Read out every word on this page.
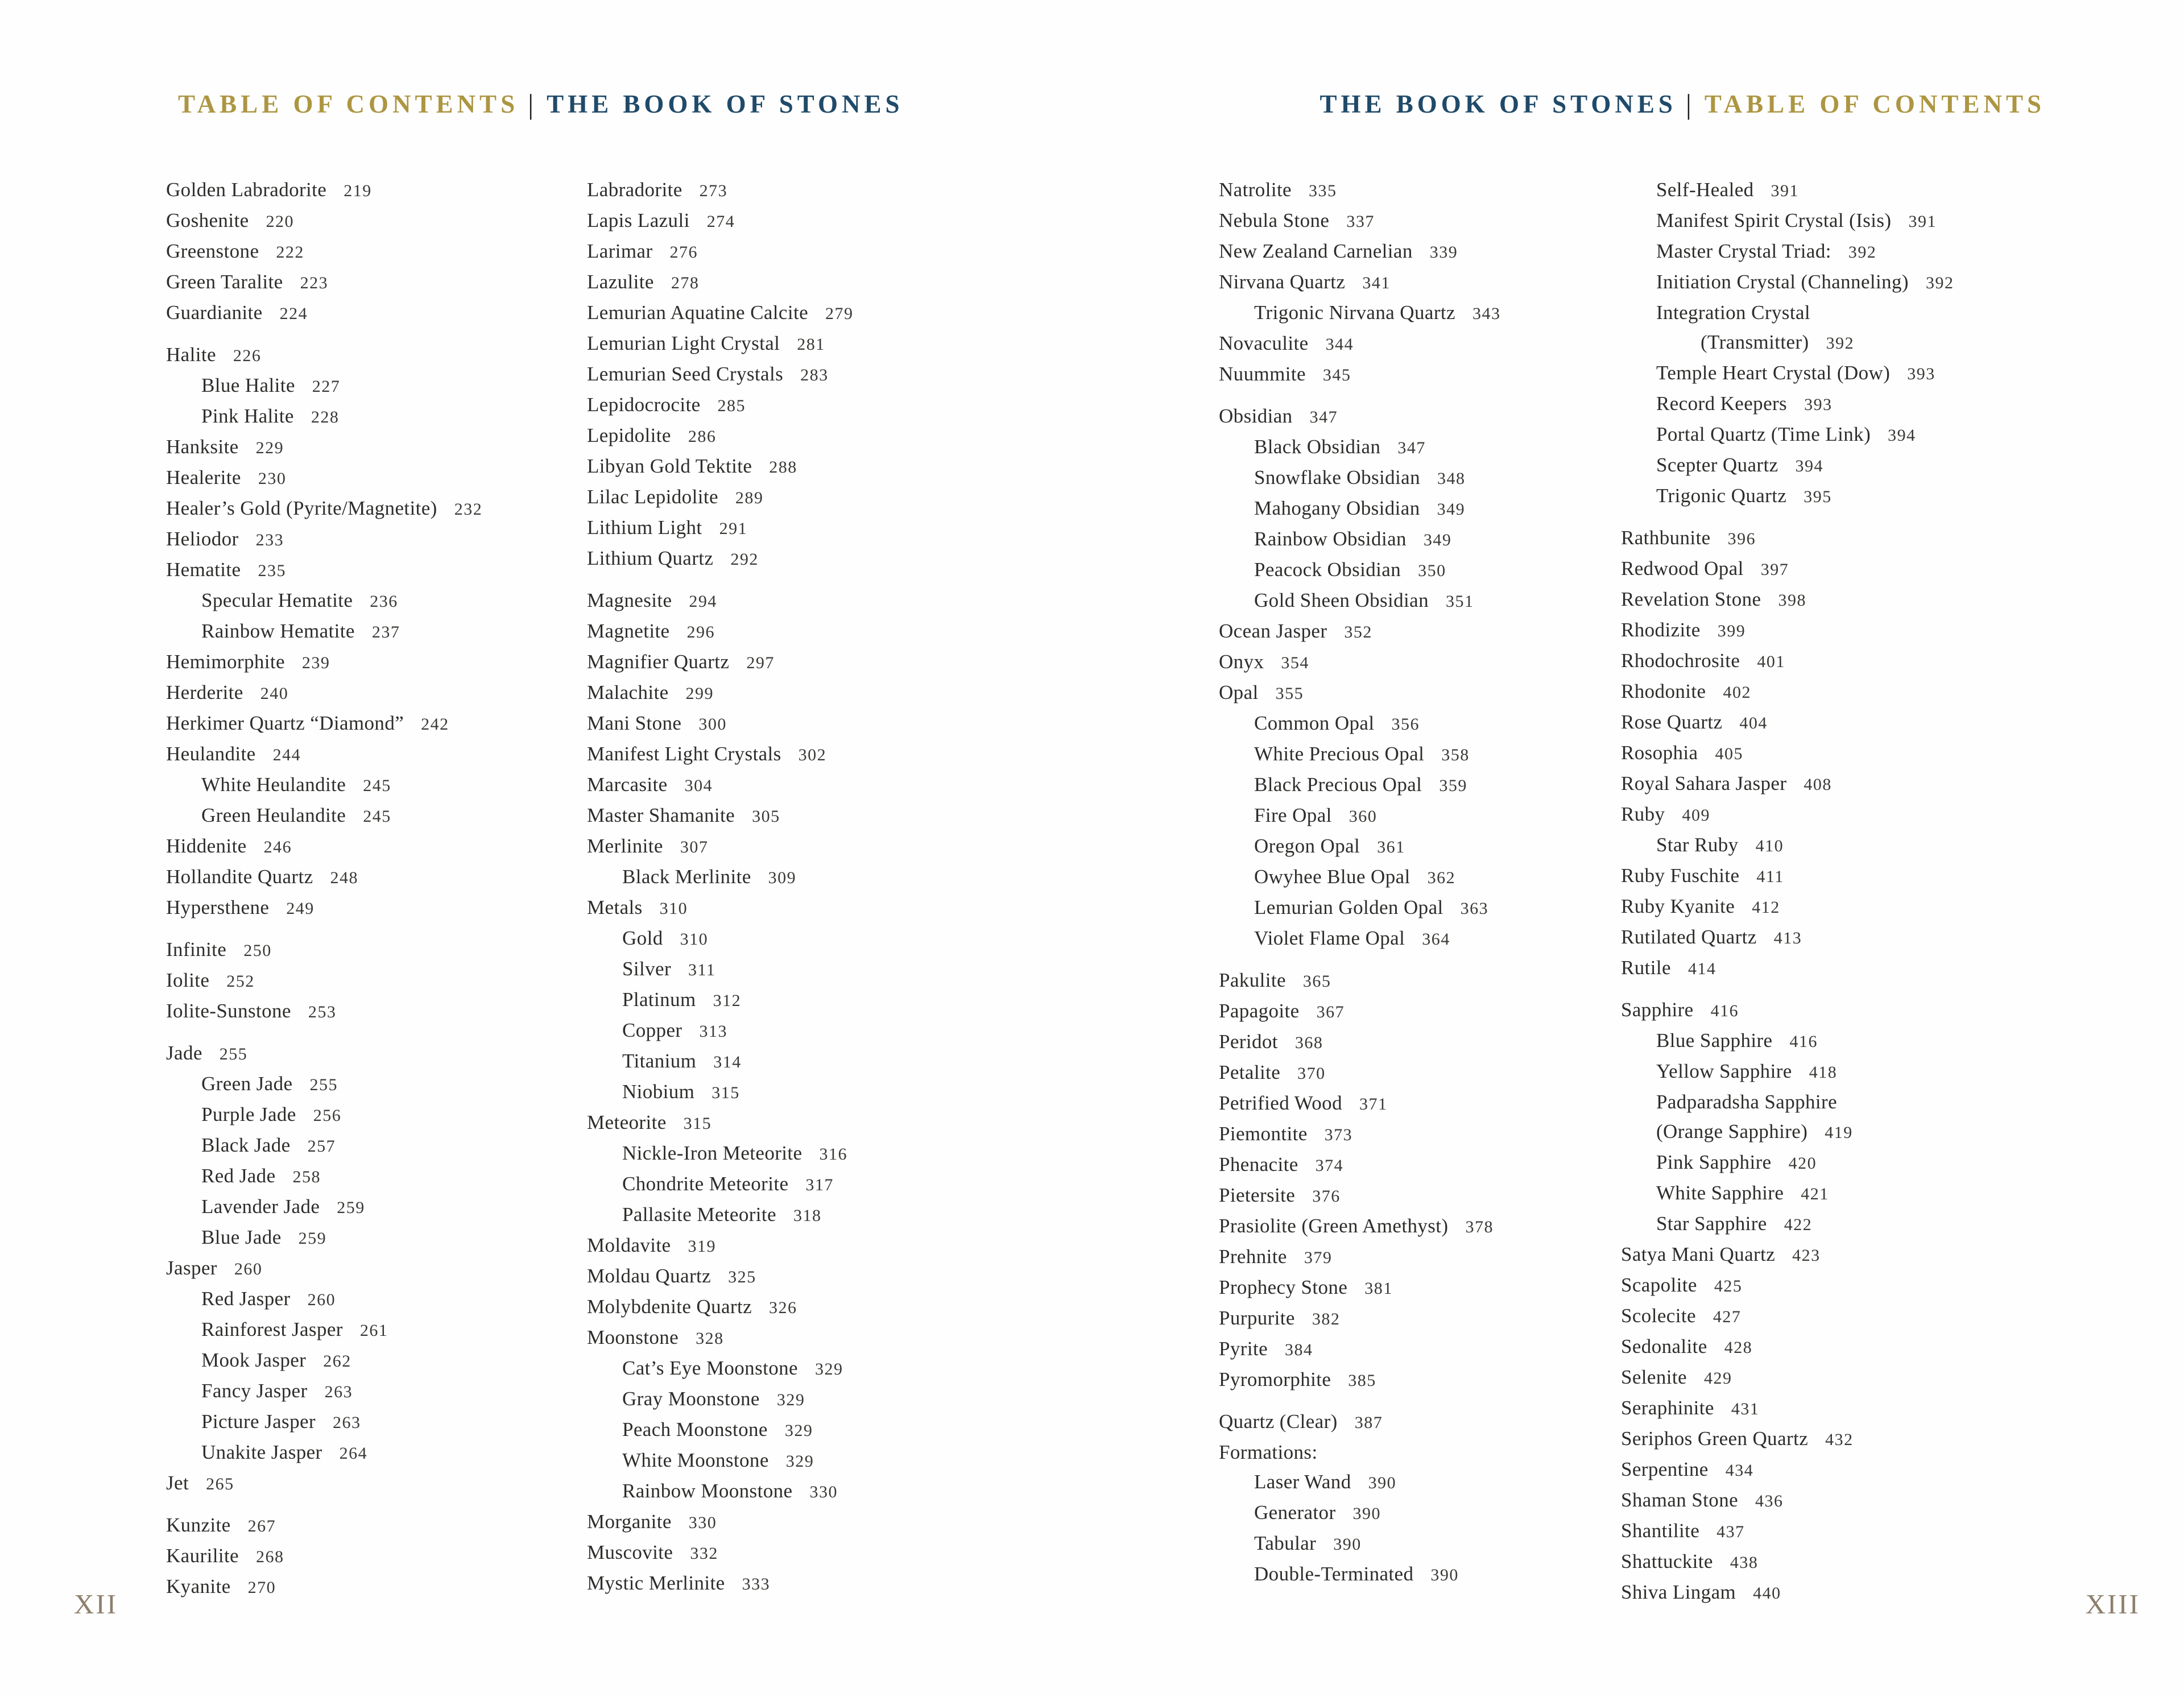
TABLE OF CONTENTS | THE BOOK OF STONES
Golden Labradorite 219
Goshenite 220
Greenstone 222
Green Taralite 223
Guardianite 224
Halite 226
Blue Halite 227
Pink Halite 228
Hanksite 229
Healerite 230
Healer’s Gold (Pyrite/Magnetite) 232
Heliodor 233
Hematite 235
Specular Hematite 236
Rainbow Hematite 237
Hemimorphite 239
Herderite 240
Herkimer Quartz “Diamond” 242
Heulandite 244
White Heulandite 245
Green Heulandite 245
Hiddenite 246
Hollandite Quartz 248
Hypersthene 249
Infinite 250
Iolite 252
Iolite-Sunstone 253
Jade 255
Green Jade 255
Purple Jade 256
Black Jade 257
Red Jade 258
Lavender Jade 259
Blue Jade 259
Jasper 260
Red Jasper 260
Rainforest Jasper 261
Mook Jasper 262
Fancy Jasper 263
Picture Jasper 263
Unakite Jasper 264
Jet 265
Kunzite 267
Kaurilite 268
Kyanite 270
Labradorite 273
Lapis Lazuli 274
Larimar 276
Lazulite 278
Lemurian Aquatine Calcite 279
Lemurian Light Crystal 281
Lemurian Seed Crystals 283
Lepidocrocite 285
Lepidolite 286
Libyan Gold Tektite 288
Lilac Lepidolite 289
Lithium Light 291
Lithium Quartz 292
Magnesite 294
Magnetite 296
Magnifier Quartz 297
Malachite 299
Mani Stone 300
Manifest Light Crystals 302
Marcasite 304
Master Shamanite 305
Merlinite 307
Black Merlinite 309
Metals 310
Gold 310
Silver 311
Platinum 312
Copper 313
Titanium 314
Niobium 315
Meteorite 315
Nickle-Iron Meteorite 316
Chondrite Meteorite 317
Pallasite Meteorite 318
Moldavite 319
Moldau Quartz 325
Molybdenite Quartz 326
Moonstone 328
Cat’s Eye Moonstone 329
Gray Moonstone 329
Peach Moonstone 329
White Moonstone 329
Rainbow Moonstone 330
Morganite 330
Muscovite 332
Mystic Merlinite 333
XII
THE BOOK OF STONES | TABLE OF CONTENTS
Natrolite 335
Nebula Stone 337
New Zealand Carnelian 339
Nirvana Quartz 341
Trigonic Nirvana Quartz 343
Novaculite 344
Nuummite 345
Obsidian 347
Black Obsidian 347
Snowflake Obsidian 348
Mahogany Obsidian 349
Rainbow Obsidian 349
Peacock Obsidian 350
Gold Sheen Obsidian 351
Ocean Jasper 352
Onyx 354
Opal 355
Common Opal 356
White Precious Opal 358
Black Precious Opal 359
Fire Opal 360
Oregon Opal 361
Owyhee Blue Opal 362
Lemurian Golden Opal 363
Violet Flame Opal 364
Pakulite 365
Papagoite 367
Peridot 368
Petalite 370
Petrified Wood 371
Piemontite 373
Phenacite 374
Pietersite 376
Prasiolite (Green Amethyst) 378
Prehnite 379
Prophecy Stone 381
Purpurite 382
Pyrite 384
Pyromorphite 385
Quartz (Clear) 387
Formations:
Laser Wand 390
Generator 390
Tabular 390
Double-Terminated 390
Self-Healed 391
Manifest Spirit Crystal (Isis) 391
Master Crystal Triad: 392
Initiation Crystal (Channeling) 392
Integration Crystal
(Transmitter) 392
Temple Heart Crystal (Dow) 393
Record Keepers 393
Portal Quartz (Time Link) 394
Scepter Quartz 394
Trigonic Quartz 395
Rathbunite 396
Redwood Opal 397
Revelation Stone 398
Rhodizite 399
Rhodochrosite 401
Rhodonite 402
Rose Quartz 404
Rosophia 405
Royal Sahara Jasper 408
Ruby 409
Star Ruby 410
Ruby Fuschite 411
Ruby Kyanite 412
Rutilated Quartz 413
Rutile 414
Sapphire 416
Blue Sapphire 416
Yellow Sapphire 418
Padparadsha Sapphire
(Orange Sapphire) 419
Pink Sapphire 420
White Sapphire 421
Star Sapphire 422
Satya Mani Quartz 423
Scapolite 425
Scolecite 427
Sedonalite 428
Selenite 429
Seraphinite 431
Seriphos Green Quartz 432
Serpentine 434
Shaman Stone 436
Shantilite 437
Shattuckite 438
Shiva Lingam 440	XIII
